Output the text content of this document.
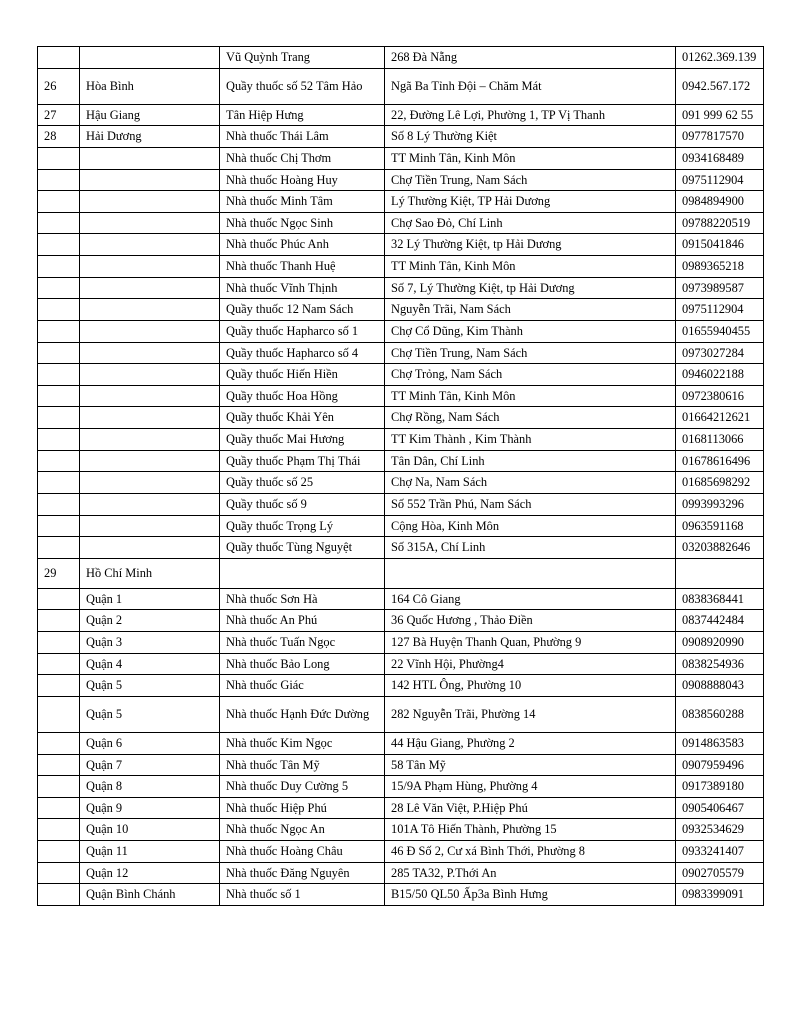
		Vũ Quỳnh Trang	268 Đà Nẵng	01262.369.139
26	Hòa Bình	Quầy thuốc số 52 Tâm Hảo	Ngã Ba Tỉnh Đội – Chăm Mát	0942.567.172
27	Hậu Giang	Tân Hiệp Hưng	22, Đường Lê Lợi, Phường 1, TP Vị Thanh	091 999 62 55
28	Hải Dương	Nhà thuốc Thái Lâm	Số 8 Lý Thường Kiệt	0977817570
		Nhà thuốc Chị Thơm	TT Minh Tân, Kinh Môn	0934168489
		Nhà thuốc Hoàng Huy	Chợ Tiền Trung, Nam Sách	0975112904
		Nhà thuốc Minh Tâm	Lý Thường Kiệt, TP Hải Dương	0984894900
		Nhà thuốc Ngọc Sinh	Chợ Sao Đỏ, Chí Linh	09788220519
		Nhà thuốc Phúc Anh	32 Lý Thường Kiệt, tp Hải Dương	0915041846
		Nhà thuốc Thanh Huệ	TT Minh Tân, Kinh Môn	0989365218
		Nhà thuốc Vĩnh Thịnh	Số 7, Lý Thường Kiệt, tp Hải Dương	0973989587
		Quầy thuốc 12 Nam Sách	Nguyễn Trãi, Nam Sách	0975112904
		Quầy thuốc Hapharco số 1	Chợ Cổ Dũng, Kim Thành	01655940455
		Quầy thuốc Hapharco số 4	Chợ Tiền Trung, Nam Sách	0973027284
		Quầy thuốc Hiến Hiền	Chợ Trỏng, Nam Sách	0946022188
		Quầy thuốc Hoa Hồng	TT Minh Tân, Kinh Môn	0972380616
		Quầy thuốc Khải Yên	Chợ Rồng, Nam Sách	01664212621
		Quầy thuốc Mai Hương	TT Kim Thành , Kim Thành	0168113066
		Quầy thuốc Phạm Thị Thái	Tân Dân, Chí Linh	01678616496
		Quầy thuốc số 25	Chợ Na, Nam Sách	01685698292
		Quầy thuốc số 9	Số 552 Trần Phú, Nam Sách	0993993296
		Quầy thuốc Trọng Lý	Cộng Hòa, Kinh Môn	0963591168
		Quầy thuốc Tùng Nguyệt	Số 315A, Chí Linh	03203882646
29	Hồ Chí Minh			
	Quận 1	Nhà thuốc Sơn Hà	164 Cô Giang	0838368441
	Quận 2	Nhà thuốc An Phú	36 Quốc Hương , Thảo Điền	0837442484
	Quận 3	Nhà thuốc Tuấn Ngọc	127 Bà Huyện Thanh Quan, Phường 9	0908920990
	Quận 4	Nhà thuốc Bảo Long	22 Vĩnh Hội, Phường4	0838254936
	Quận 5	Nhà thuốc Giác	142 HTL Ông, Phường 10	0908888043
	Quận 5	Nhà thuốc Hạnh Đức Dường	282 Nguyễn Trãi, Phường 14	0838560288
	Quận 6	Nhà thuốc Kim Ngọc	44 Hậu Giang, Phường 2	0914863583
	Quận 7	Nhà thuốc Tân Mỹ	58 Tân Mỹ	0907959496
	Quận 8	Nhà thuốc Duy Cường 5	15/9A Phạm Hùng, Phường 4	0917389180
	Quận 9	Nhà thuốc Hiệp Phú	28 Lê Văn Việt, P.Hiệp Phú	0905406467
	Quận 10	Nhà thuốc Ngọc An	101A Tô Hiến Thành, Phường 15	0932534629
	Quận 11	Nhà thuốc Hoàng Châu	46 Đ Số 2, Cư xá Bình Thới, Phường 8	0933241407
	Quận 12	Nhà thuốc Đăng Nguyên	285 TA32, P.Thới An	0902705579
	Quận Bình Chánh	Nhà thuốc số 1	B15/50 QL50 Ấp3a Bình Hưng	0983399091
